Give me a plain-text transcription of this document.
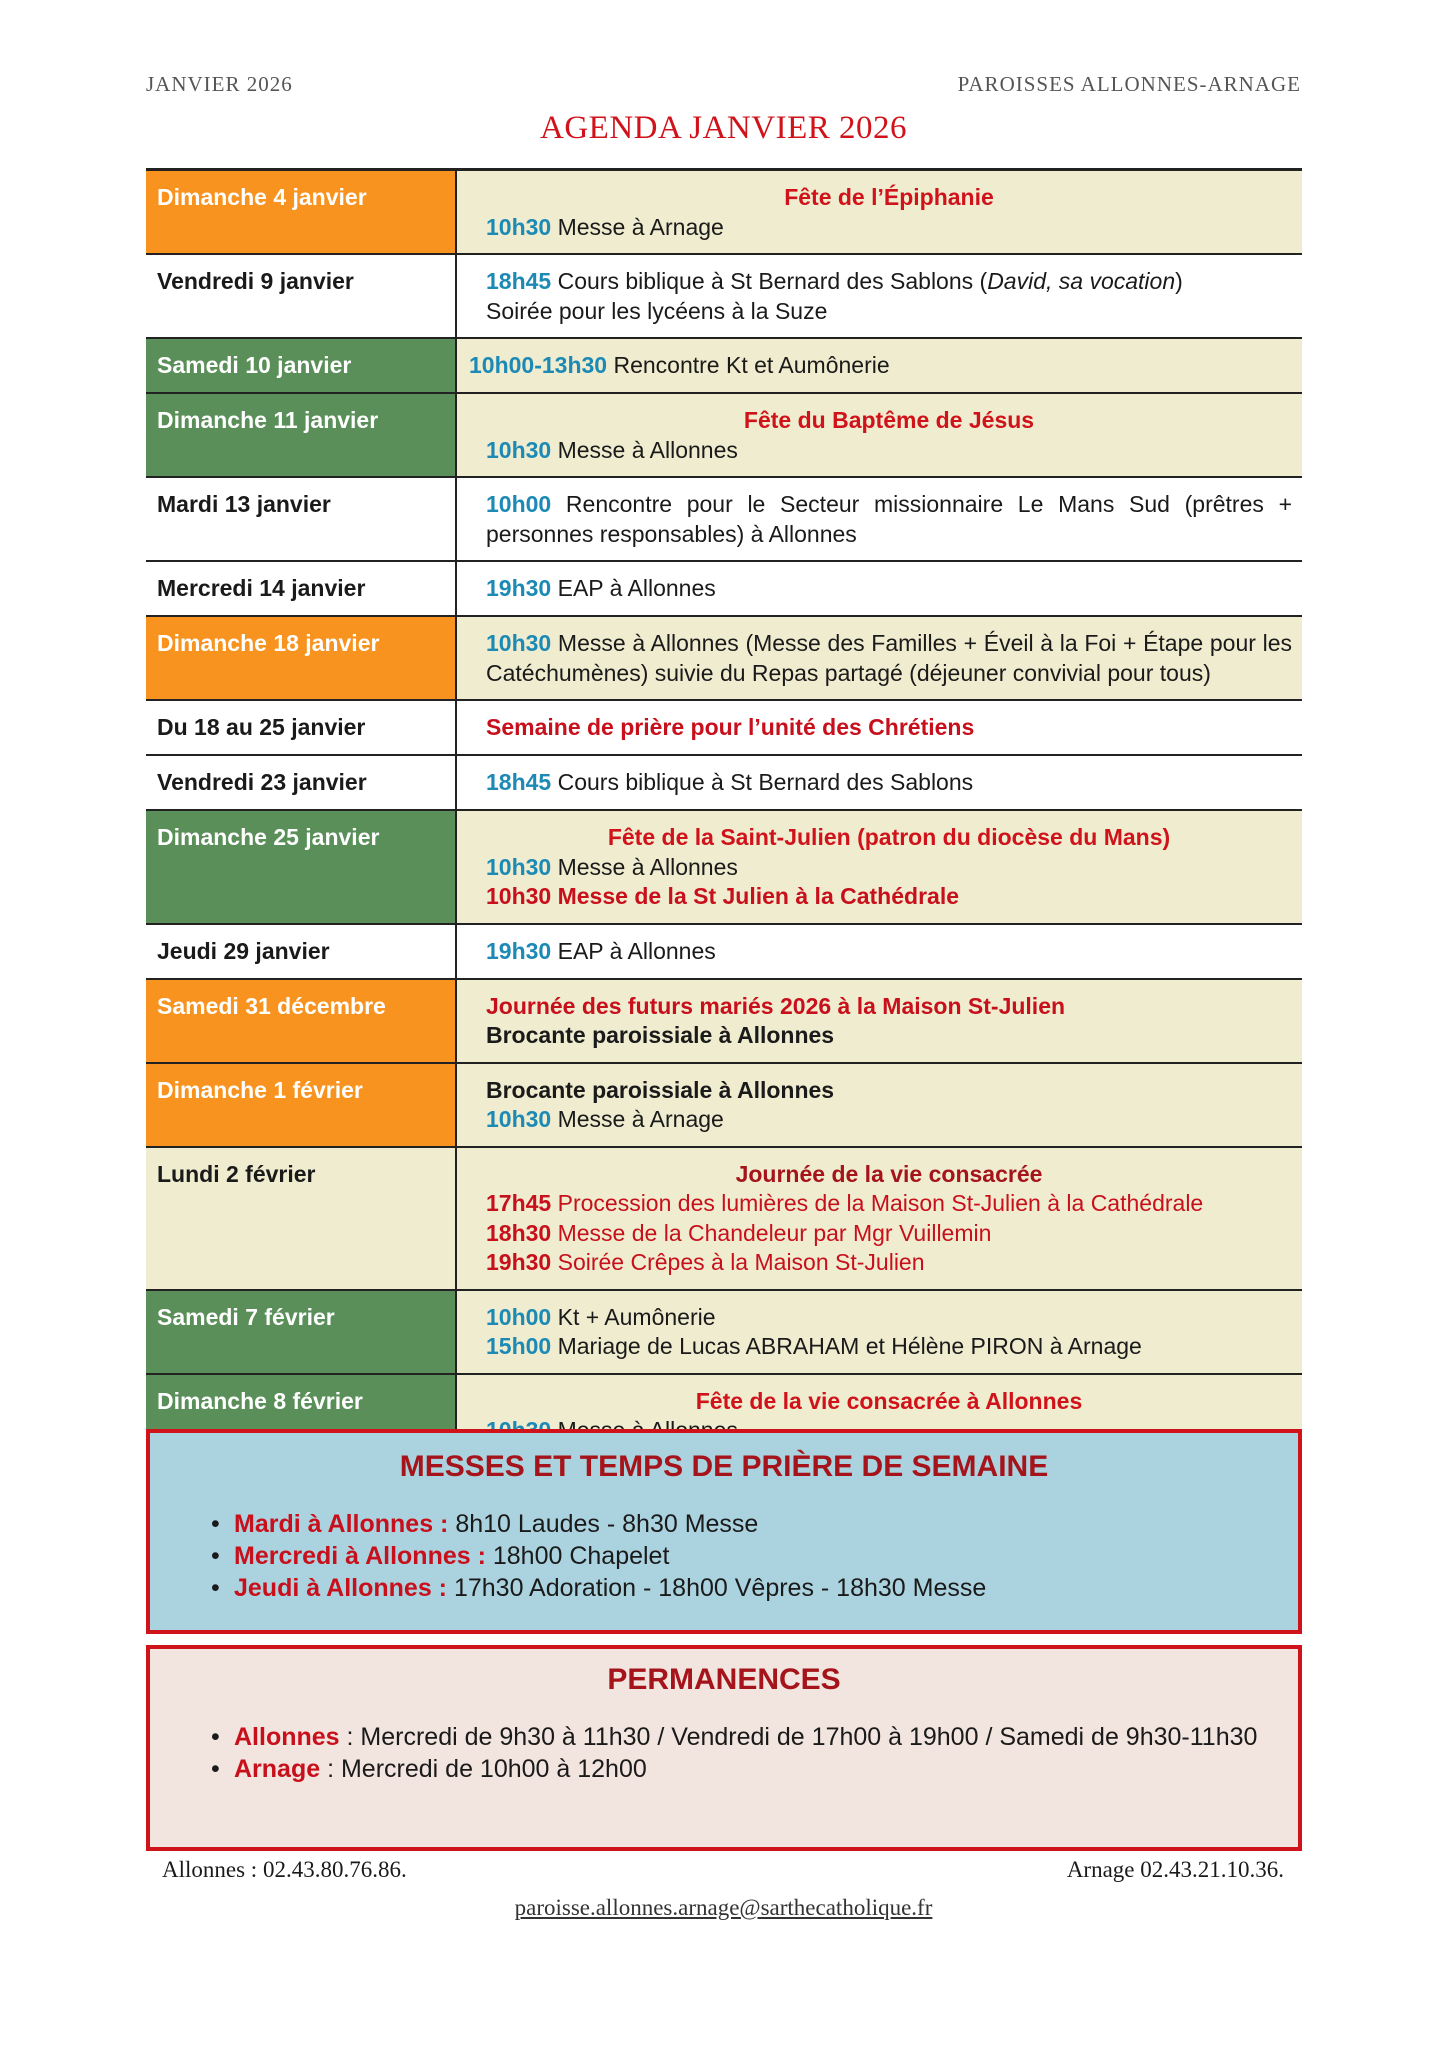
JANVIER 2026	PAROISSES ALLONNES-ARNAGE
AGENDA JANVIER 2026
Dimanche 4 janvier	Fête de l’Épiphanie
10h30 Messe à Arnage
Vendredi 9 janvier	18h45 Cours biblique à St Bernard des Sablons (David, sa vocation)
Soirée pour les lycéens à la Suze
Samedi 10 janvier	10h00-13h30 Rencontre Kt et Aumônerie
Dimanche 11 janvier	Fête du Baptême de Jésus
10h30 Messe à Allonnes
Mardi 13 janvier	10h00 Rencontre pour le Secteur missionnaire Le Mans Sud (prêtres + personnes responsables) à Allonnes
Mercredi 14 janvier	19h30 EAP à Allonnes
Dimanche 18 janvier	10h30 Messe à Allonnes (Messe des Familles + Éveil à la Foi + Étape pour les Catéchumènes) suivie du Repas partagé (déjeuner convivial pour tous)
Du 18 au 25 janvier	Semaine de prière pour l’unité des Chrétiens
Vendredi 23 janvier	18h45 Cours biblique à St Bernard des Sablons
Dimanche 25 janvier	Fête de la Saint-Julien (patron du diocèse du Mans)
10h30 Messe à Allonnes
10h30 Messe de la St Julien à la Cathédrale
Jeudi 29 janvier	19h30 EAP à Allonnes
Samedi 31 décembre	Journée des futurs mariés 2026 à la Maison St-Julien
Brocante paroissiale à Allonnes
Dimanche 1 février	Brocante paroissiale à Allonnes
10h30 Messe à Arnage
Lundi 2 février	Journée de la vie consacrée
17h45 Procession des lumières de la Maison St-Julien à la Cathédrale
18h30 Messe de la Chandeleur par Mgr Vuillemin
19h30 Soirée Crêpes à la Maison St-Julien
Samedi 7 février	10h00 Kt + Aumônerie
15h00 Mariage de Lucas ABRAHAM et Hélène PIRON à Arnage
Dimanche 8 février	Fête de la vie consacrée à Allonnes
MESSES ET TEMPS DE PRIÈRE DE SEMAINE
• Mardi à Allonnes : 8h10 Laudes - 8h30 Messe
• Mercredi à Allonnes : 18h00 Chapelet
• Jeudi à Allonnes : 17h30 Adoration - 18h00 Vêpres - 18h30 Messe
PERMANENCES
• Allonnes : Mercredi de 9h30 à 11h30 / Vendredi de 17h00 à 19h00 / Samedi de 9h30-11h30
• Arnage : Mercredi de 10h00 à 12h00
Allonnes : 02.43.80.76.86.	Arnage 02.43.21.10.36.
paroisse.allonnes.arnage@sarthecatholique.fr
